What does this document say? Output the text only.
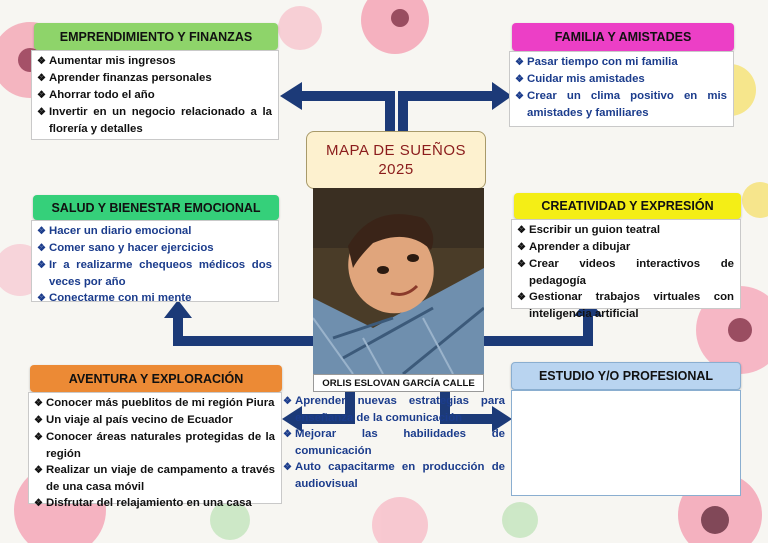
EMPRENDIMIENTO Y FINANZAS
❖ Aumentar mis ingresos
❖ Aprender finanzas personales
❖ Ahorrar todo el año
❖ Invertir en un negocio relacionado a la florería y detalles
FAMILIA Y AMISTADES
❖ Pasar tiempo con mi familia
❖ Cuidar mis amistades
❖ Crear un clima positivo en mis amistades y familiares
MAPA DE SUEÑOS
2025
ORLIS ESLOVAN GARCÍA CALLE
SALUD Y BIENESTAR EMOCIONAL
❖ Hacer un diario emocional
❖ Comer sano y hacer ejercicios
❖ Ir a realizarme chequeos médicos dos veces por año
❖ Conectarme con mi mente
CREATIVIDAD Y EXPRESIÓN
❖ Escribir un guion teatral
❖ Aprender a dibujar
❖ Crear videos interactivos de pedagogía
❖ Gestionar trabajos virtuales con inteligencia artificial
AVENTURA Y EXPLORACIÓN
❖ Conocer más pueblitos de mi región Piura
❖ Un viaje al país vecino de Ecuador
❖ Conocer áreas naturales protegidas de la región
❖ Realizar un viaje de campamento a través de una casa móvil
❖ Disfrutar del relajamiento en una casa
ESTUDIO Y/O PROFESIONAL
❖ Aprender nuevas estrategias para enseñanza de la comunicación
❖ Mejorar las habilidades de comunicación
❖ Auto capacitarme en producción de audiovisual
